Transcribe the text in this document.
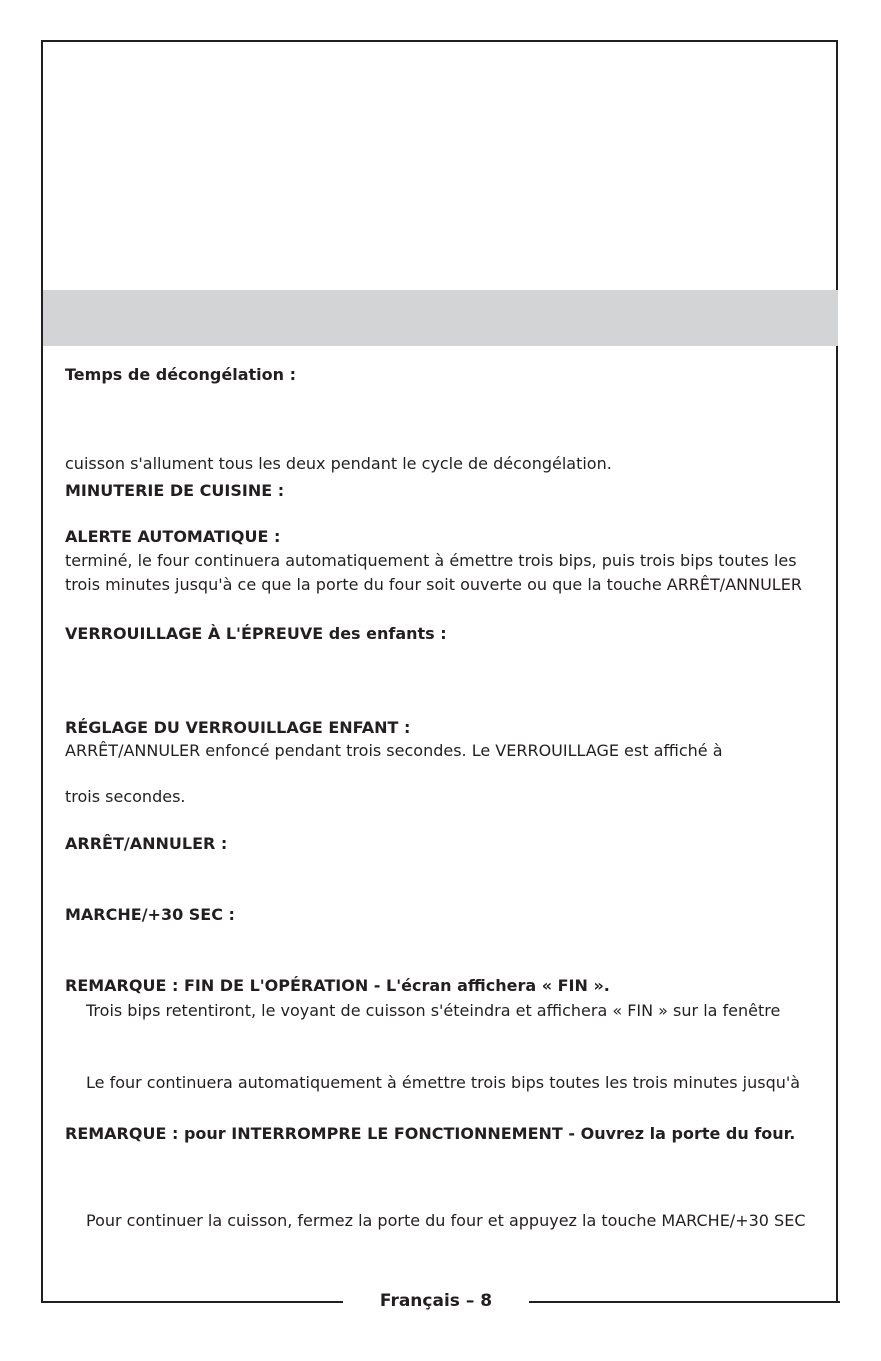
Temps de décongélation :
cuisson s'allument tous les deux pendant le cycle de décongélation.
MINUTERIE DE CUISINE :
ALERTE AUTOMATIQUE :
terminé, le four continuera automatiquement à émettre trois bips, puis trois bips toutes les
trois minutes jusqu'à ce que la porte du four soit ouverte ou que la touche ARRÊT/ANNULER
VERROUILLAGE À L'ÉPREUVE des enfants :
RÉGLAGE DU VERROUILLAGE ENFANT :
ARRÊT/ANNULER enfoncé pendant trois secondes. Le VERROUILLAGE est affiché à
trois secondes.
ARRÊT/ANNULER :
MARCHE/+30 SEC :
REMARQUE : FIN DE L'OPÉRATION - L'écran affichera « FIN ».
Trois bips retentiront, le voyant de cuisson s'éteindra et affichera « FIN » sur la fenêtre
Le four continuera automatiquement à émettre trois bips toutes les trois minutes jusqu'à
REMARQUE : pour INTERROMPRE LE FONCTIONNEMENT - Ouvrez la porte du four.
Pour continuer la cuisson, fermez la porte du four et appuyez la touche MARCHE/+30 SEC
Français – 8
